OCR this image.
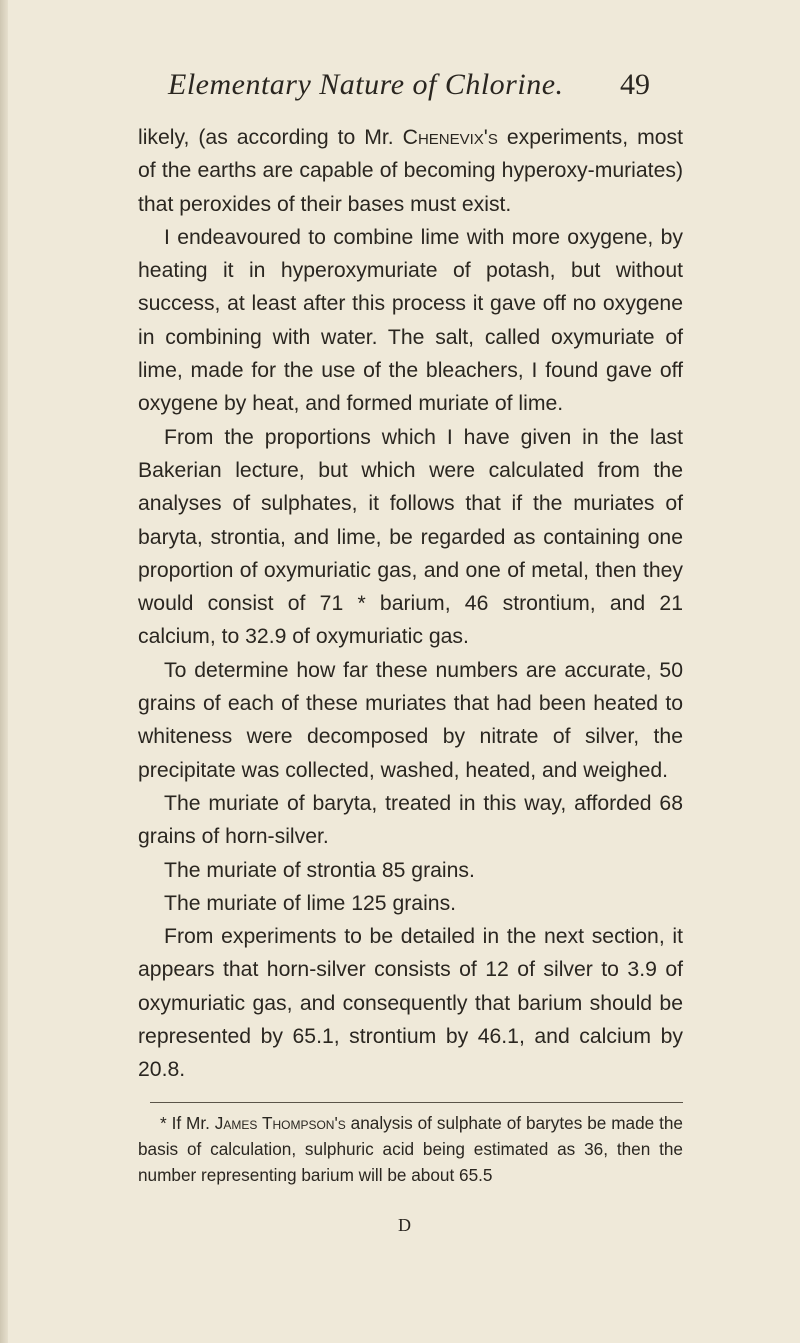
Elementary Nature of Chlorine. 49

likely, (as according to Mr. Chenevix's experiments, most of the earths are capable of becoming hyperoxy-muriates) that peroxides of their bases must exist.

I endeavoured to combine lime with more oxygene, by heating it in hyperoxymuriate of potash, but without success, at least after this process it gave off no oxygene in combining with water. The salt, called oxymuriate of lime, made for the use of the bleachers, I found gave off oxygene by heat, and formed muriate of lime.

From the proportions which I have given in the last Bakerian lecture, but which were calculated from the analyses of sulphates, it follows that if the muriates of baryta, strontia, and lime, be regarded as containing one proportion of oxymuriatic gas, and one of metal, then they would consist of 71 * barium, 46 strontium, and 21 calcium, to 32.9 of oxymuriatic gas.

To determine how far these numbers are accurate, 50 grains of each of these muriates that had been heated to whiteness were decomposed by nitrate of silver, the precipitate was collected, washed, heated, and weighed.

The muriate of baryta, treated in this way, afforded 68 grains of horn-silver.

The muriate of strontia 85 grains.

The muriate of lime 125 grains.

From experiments to be detailed in the next section, it appears that horn-silver consists of 12 of silver to 3.9 of oxymuriatic gas, and consequently that barium should be represented by 65.1, strontium by 46.1, and calcium by 20.8.

* If Mr. James Thompson's analysis of sulphate of barytes be made the basis of calculation, sulphuric acid being estimated as 36, then the number representing barium will be about 65.5

D
